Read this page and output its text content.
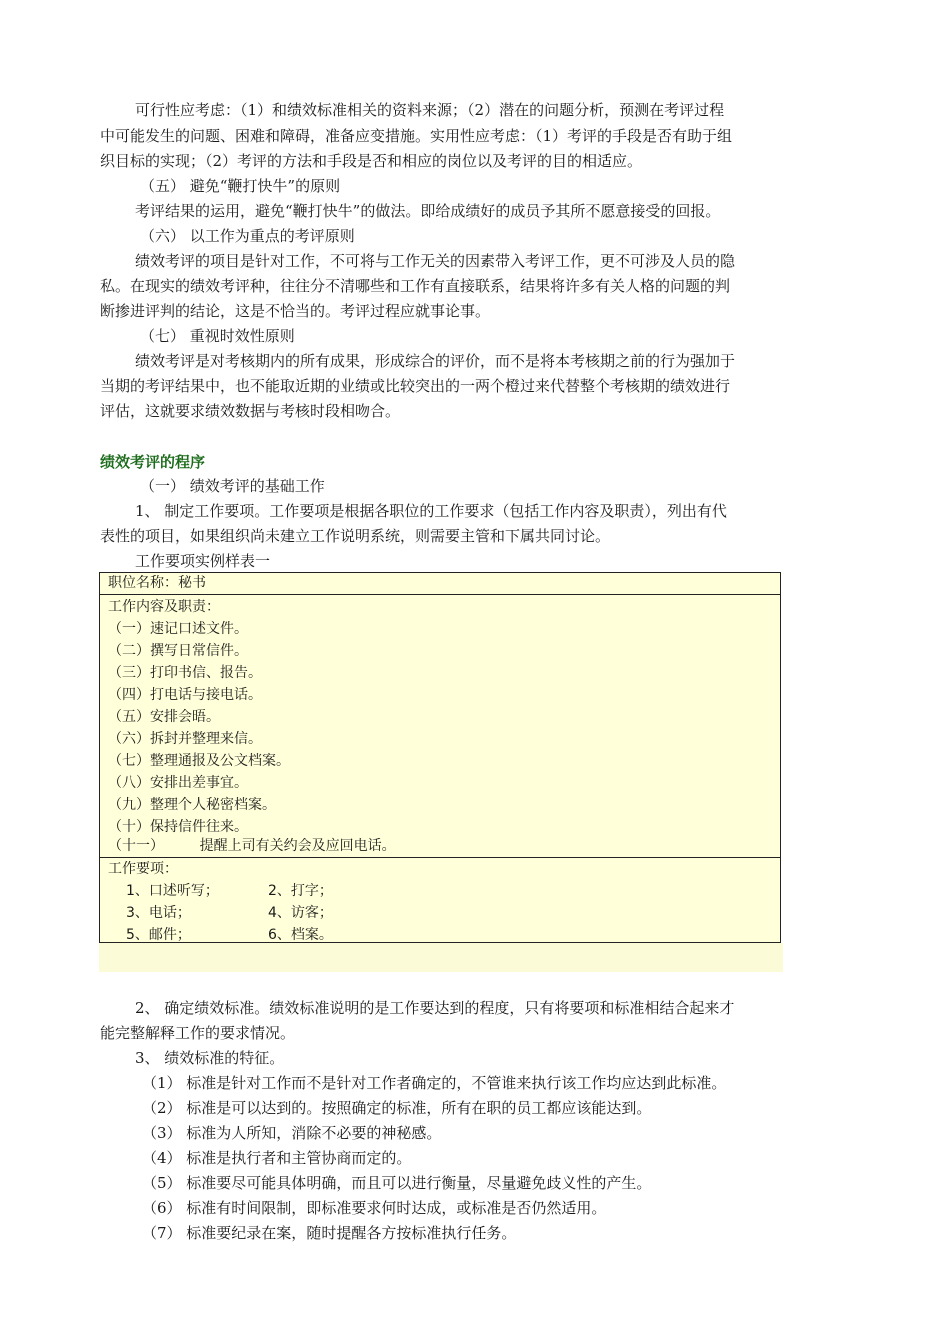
可行性应考虑：（1）和绩效标准相关的资料来源；（2）潜在的问题分析，预测在考评过程
中可能发生的问题、困难和障碍，准备应变措施。实用性应考虑：（1）考评的手段是否有助于组
织目标的实现；（2）考评的方法和手段是否和相应的岗位以及考评的目的相适应。
（五） 避免“鞭打快牛”的原则
考评结果的运用，避免“鞭打快牛”的做法。即给成绩好的成员予其所不愿意接受的回报。
（六） 以工作为重点的考评原则
绩效考评的项目是针对工作，不可将与工作无关的因素带入考评工作，更不可涉及人员的隐
私。在现实的绩效考评种，往往分不清哪些和工作有直接联系，结果将许多有关人格的问题的判
断掺进评判的结论，这是不恰当的。考评过程应就事论事。
（七） 重视时效性原则
绩效考评是对考核期内的所有成果，形成综合的评价，而不是将本考核期之前的行为强加于
当期的考评结果中，也不能取近期的业绩或比较突出的一两个橙过来代替整个考核期的绩效进行
评估，这就要求绩效数据与考核时段相吻合。
绩效考评的程序
（一） 绩效考评的基础工作
1、 制定工作要项。工作要项是根据各职位的工作要求（包括工作内容及职责），列出有代
表性的项目，如果组织尚未建立工作说明系统，则需要主管和下属共同讨论。
工作要项实例样表一
职位名称：秘书
工作内容及职责：
（一）速记口述文件。
（二）撰写日常信件。
（三）打印书信、报告。
（四）打电话与接电话。
（五）安排会晤。
（六）拆封并整理来信。
（七）整理通报及公文档案。
（八）安排出差事宜。
（九）整理个人秘密档案。
（十）保持信件往来。
（十一）        提醒上司有关约会及应回电话。
工作要项：
1、口述听写；
3、电话；
5、邮件；
2、打字；
4、访客；
6、档案。
2、 确定绩效标准。绩效标准说明的是工作要达到的程度，只有将要项和标准相结合起来才
能完整解释工作的要求情况。
3、 绩效标准的特征。
（1） 标准是针对工作而不是针对工作者确定的，不管谁来执行该工作均应达到此标准。
（2） 标准是可以达到的。按照确定的标准，所有在职的员工都应该能达到。
（3） 标准为人所知，消除不必要的神秘感。
（4） 标准是执行者和主管协商而定的。
（5） 标准要尽可能具体明确，而且可以进行衡量，尽量避免歧义性的产生。
（6） 标准有时间限制，即标准要求何时达成，或标准是否仍然适用。
（7） 标准要纪录在案，随时提醒各方按标准执行任务。
